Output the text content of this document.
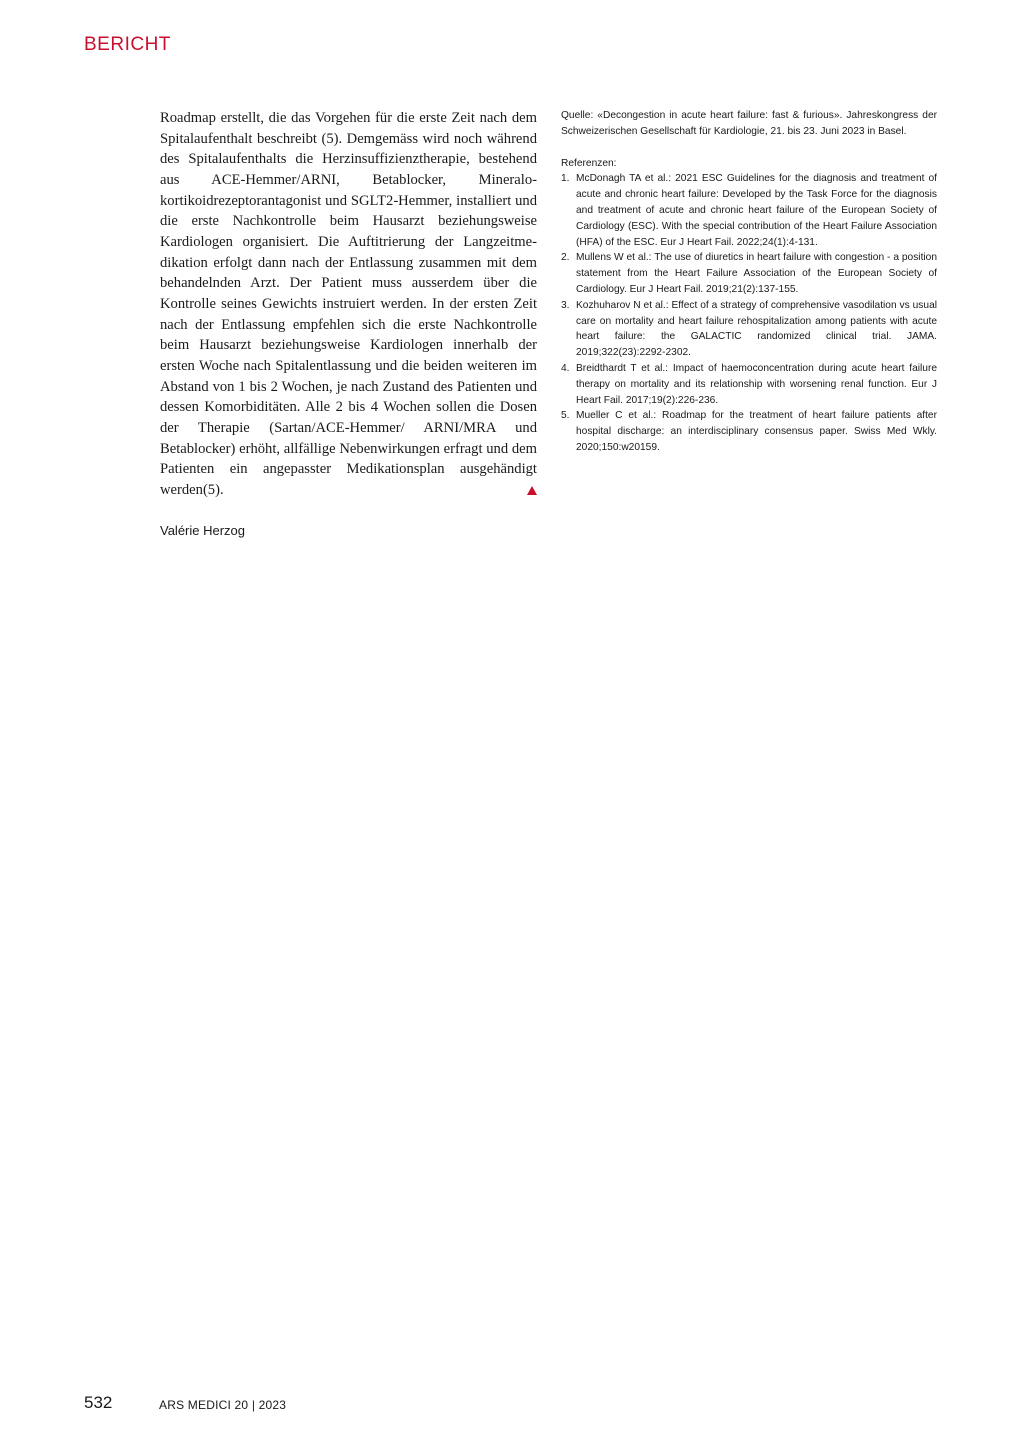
BERICHT

Roadmap erstellt, die das Vorgehen für die erste Zeit nach dem Spitalaufenthalt beschreibt (5). Demgemäss wird noch während des Spitalaufenthalts die Herzinsuffizienztherapie, bestehend aus ACE-Hemmer/ARNI, Betablocker, Mineralokortikoidrezeptorantagonist und SGLT2-Hemmer, installiert und die erste Nachkontrolle beim Hausarzt beziehungsweise Kardiologen organisiert. Die Auftitrierung der Langzeitmedikation erfolgt dann nach der Entlassung zusammen mit dem behandelnden Arzt. Der Patient muss ausserdem über die Kontrolle seines Gewichts instruiert werden. In der ersten Zeit nach der Entlassung empfehlen sich die erste Nachkontrolle beim Hausarzt beziehungsweise Kardiologen innerhalb der ersten Woche nach Spitalentlassung und die beiden weiteren im Abstand von 1 bis 2 Wochen, je nach Zustand des Patienten und dessen Komorbiditäten. Alle 2 bis 4 Wochen sollen die Dosen der Therapie (Sartan/ACE-Hemmer/ ARNI/MRA und Betablocker) erhöht, allfällige Nebenwirkungen erfragt und dem Patienten ein angepasster Medikationsplan ausgehändigt werden(5).

Valérie Herzog

Quelle: «Decongestion in acute heart failure: fast & furious». Jahreskongress der Schweizerischen Gesellschaft für Kardiologie, 21. bis 23. Juni 2023 in Basel.

Referenzen:

1. McDonagh TA et al.: 2021 ESC Guidelines for the diagnosis and treatment of acute and chronic heart failure: Developed by the Task Force for the diagnosis and treatment of acute and chronic heart failure of the European Society of Cardiology (ESC). With the special contribution of the Heart Failure Association (HFA) of the ESC. Eur J Heart Fail. 2022;24(1):4-131.
2. Mullens W et al.: The use of diuretics in heart failure with congestion - a position statement from the Heart Failure Association of the European Society of Cardiology. Eur J Heart Fail. 2019;21(2):137-155.
3. Kozhuharov N et al.: Effect of a strategy of comprehensive vasodilation vs usual care on mortality and heart failure rehospitalization among patients with acute heart failure: the GALACTIC randomized clinical trial. JAMA. 2019;322(23):2292-2302.
4. Breidthardt T et al.: Impact of haemoconcentration during acute heart failure therapy on mortality and its relationship with worsening renal function. Eur J Heart Fail. 2017;19(2):226-236.
5. Mueller C et al.: Roadmap for the treatment of heart failure patients after hospital discharge: an interdisciplinary consensus paper. Swiss Med Wkly. 2020;150:w20159.
532	ARS MEDICI 20 | 2023
